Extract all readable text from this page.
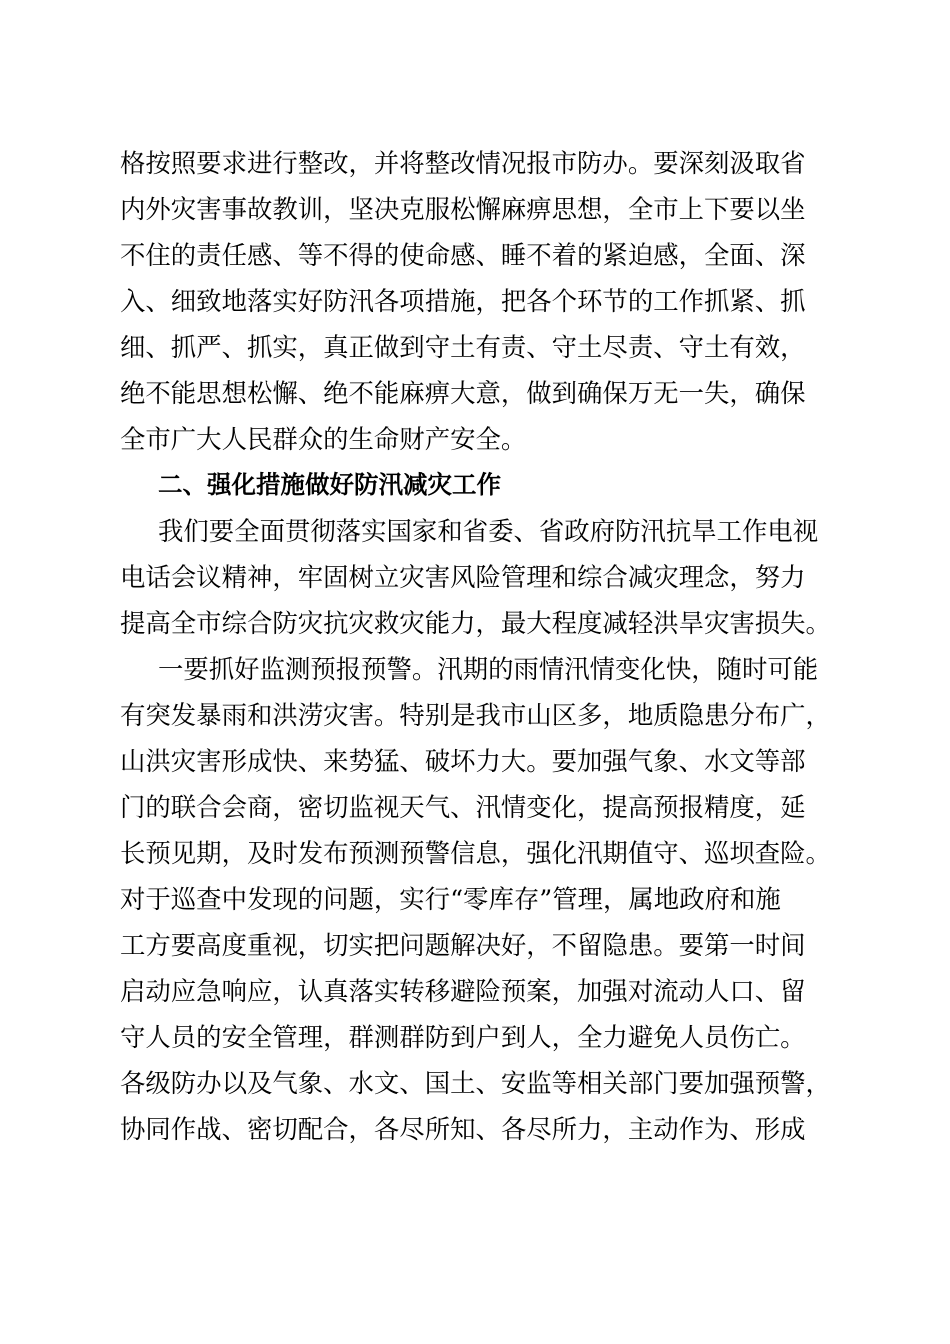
格按照要求进行整改，并将整改情况报市防办。要深刻汲取省
内外灾害事故教训，坚决克服松懈麻痹思想，全市上下要以坐
不住的责任感、等不得的使命感、睡不着的紧迫感，全面、深
入、细致地落实好防汛各项措施，把各个环节的工作抓紧、抓
细、抓严、抓实，真正做到守土有责、守土尽责、守土有效，
绝不能思想松懈、绝不能麻痹大意，做到确保万无一失，确保
全市广大人民群众的生命财产安全。
二、强化措施做好防汛减灾工作
我们要全面贯彻落实国家和省委、省政府防汛抗旱工作电视
电话会议精神，牢固树立灾害风险管理和综合减灾理念，努力
提高全市综合防灾抗灾救灾能力，最大程度减轻洪旱灾害损失。
一要抓好监测预报预警。汛期的雨情汛情变化快，随时可能
有突发暴雨和洪涝灾害。特别是我市山区多，地质隐患分布广，
山洪灾害形成快、来势猛、破坏力大。要加强气象、水文等部
门的联合会商，密切监视天气、汛情变化，提高预报精度，延
长预见期，及时发布预测预警信息，强化汛期值守、巡坝查险。
对于巡查中发现的问题，实行“零库存”管理，属地政府和施
工方要高度重视，切实把问题解决好，不留隐患。要第一时间
启动应急响应，认真落实转移避险预案，加强对流动人口、留
守人员的安全管理，群测群防到户到人，全力避免人员伤亡。
各级防办以及气象、水文、国土、安监等相关部门要加强预警，
协同作战、密切配合，各尽所知、各尽所力，主动作为、形成
